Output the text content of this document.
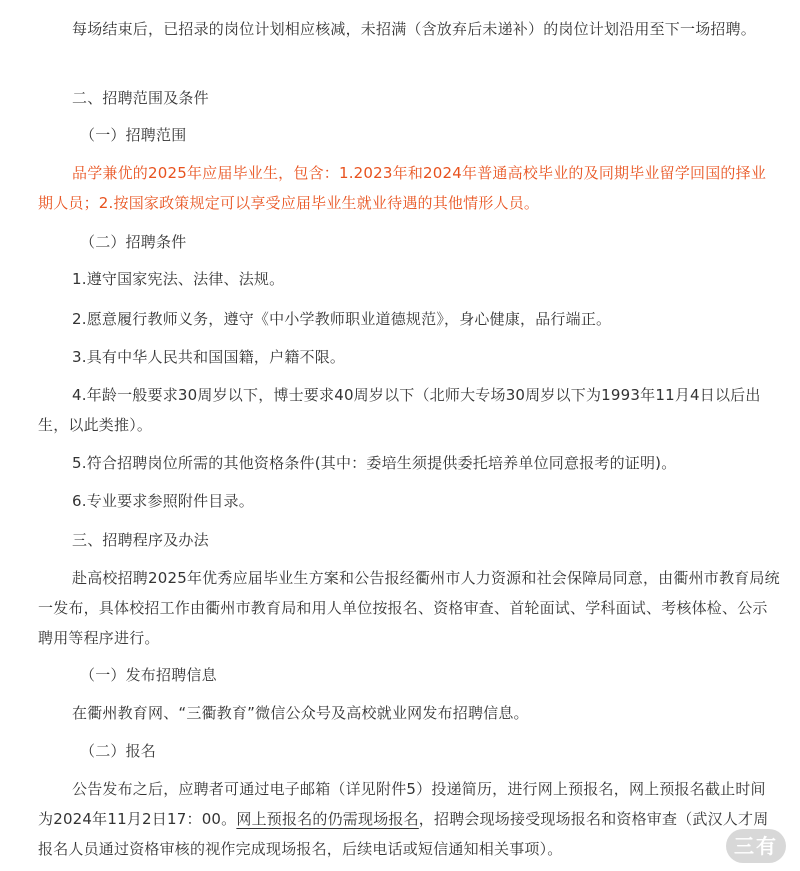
每场结束后，已招录的岗位计划相应核减，未招满（含放弃后未递补）的岗位计划沿用至下一场招聘。

二、招聘范围及条件

（一）招聘范围

品学兼优的2025年应届毕业生，包含：1.2023年和2024年普通高校毕业的及同期毕业留学回国的择业期人员；2.按国家政策规定可以享受应届毕业生就业待遇的其他情形人员。

（二）招聘条件

1.遵守国家宪法、法律、法规。

2.愿意履行教师义务，遵守《中小学教师职业道德规范》，身心健康，品行端正。

3.具有中华人民共和国国籍，户籍不限。

4.年龄一般要求30周岁以下，博士要求40周岁以下（北师大专场30周岁以下为1993年11月4日以后出生，以此类推）。

5.符合招聘岗位所需的其他资格条件(其中：委培生须提供委托培养单位同意报考的证明)。

6.专业要求参照附件目录。

三、招聘程序及办法

赴高校招聘2025年优秀应届毕业生方案和公告报经衢州市人力资源和社会保障局同意，由衢州市教育局统一发布，具体校招工作由衢州市教育局和用人单位按报名、资格审查、首轮面试、学科面试、考核体检、公示聘用等程序进行。

（一）发布招聘信息

在衢州教育网、“三衢教育”微信公众号及高校就业网发布招聘信息。

（二）报名

公告发布之后，应聘者可通过电子邮箱（详见附件5）投递简历，进行网上预报名，网上预报名截止时间为2024年11月2日17：00。网上预报名的仍需现场报名，招聘会现场接受现场报名和资格审查（武汉人才周报名人员通过资格审核的视作完成现场报名，后续电话或短信通知相关事项）。	三有
